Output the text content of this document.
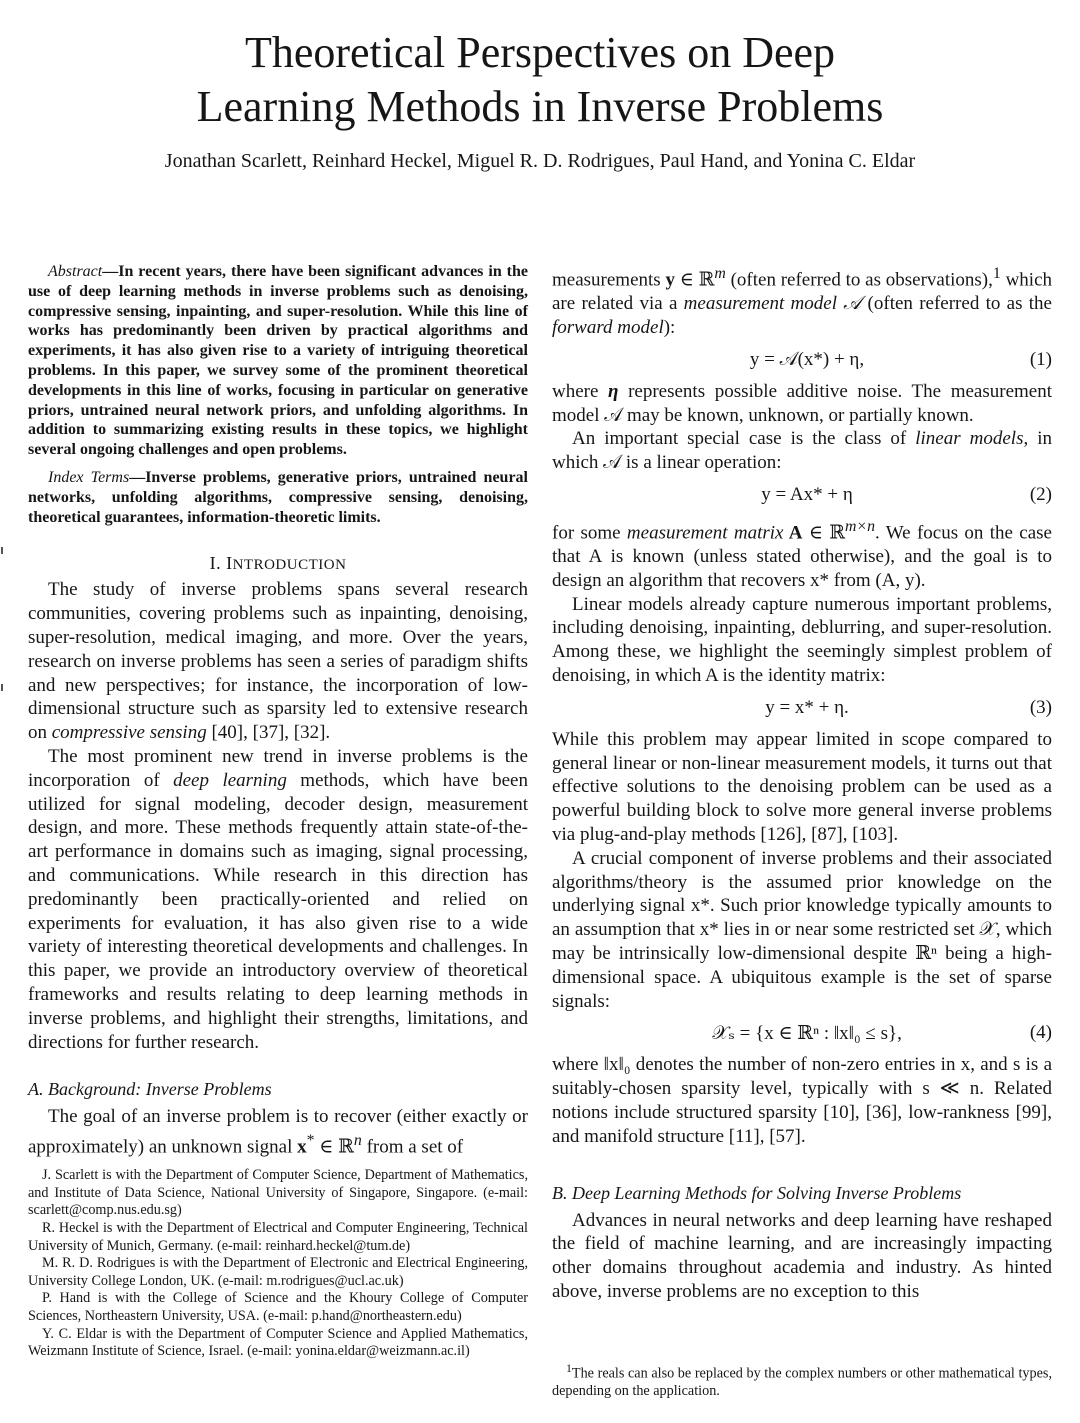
Theoretical Perspectives on Deep
Learning Methods in Inverse Problems
Jonathan Scarlett, Reinhard Heckel, Miguel R. D. Rodrigues, Paul Hand, and Yonina C. Eldar

Abstract—In recent years, there have been significant advances in the use of deep learning methods in inverse problems such as denoising, compressive sensing, inpainting, and super-resolution. While this line of works has predominantly been driven by practical algorithms and experiments, it has also given rise to a variety of intriguing theoretical problems. In this paper, we survey some of the prominent theoretical developments in this line of works, focusing in particular on generative priors, untrained neural network priors, and unfolding algorithms. In addition to summarizing existing results in these topics, we highlight several ongoing challenges and open problems.

Index Terms—Inverse problems, generative priors, untrained neural networks, unfolding algorithms, compressive sensing, denoising, theoretical guarantees, information-theoretic limits.

I. INTRODUCTION

The study of inverse problems spans several research communities, covering problems such as inpainting, denoising, super-resolution, medical imaging, and more. Over the years, research on inverse problems has seen a series of paradigm shifts and new perspectives; for instance, the incorporation of low-dimensional structure such as sparsity led to extensive research on compressive sensing [40], [37], [32].

The most prominent new trend in inverse problems is the incorporation of deep learning methods, which have been utilized for signal modeling, decoder design, measurement design, and more. These methods frequently attain state-of-the-art performance in domains such as imaging, signal processing, and communications. While research in this direction has predominantly been practically-oriented and relied on experiments for evaluation, it has also given rise to a wide variety of interesting theoretical developments and challenges. In this paper, we provide an introductory overview of theoretical frameworks and results relating to deep learning methods in inverse problems, and highlight their strengths, limitations, and directions for further research.

A. Background: Inverse Problems

The goal of an inverse problem is to recover (either exactly or approximately) an unknown signal x* ∈ ℝ$^n$ from a set of

J. Scarlett is with the Department of Computer Science, Department of Mathematics, and Institute of Data Science, National University of Singapore, Singapore. (e-mail: scarlett@comp.nus.edu.sg)

R. Heckel is with the Department of Electrical and Computer Engineering, Technical University of Munich, Germany. (e-mail: reinhard.heckel@tum.de)

M. R. D. Rodrigues is with the Department of Electronic and Electrical Engineering, University College London, UK. (e-mail: m.rodrigues@ucl.ac.uk)

P. Hand is with the College of Science and the Khoury College of Computer Sciences, Northeastern University, USA. (e-mail: p.hand@northeastern.edu)

Y. C. Eldar is with the Department of Computer Science and Applied Mathematics, Weizmann Institute of Science, Israel. (e-mail: yonina.eldar@weizmann.ac.il)

measurements y ∈ ℝ$^m$ (often referred to as observations),$^1$ which are related via a measurement model 𝒜 (often referred to as the forward model):

y = 𝒜(x*) + η,	(1)

where η represents possible additive noise. The measurement model 𝒜 may be known, unknown, or partially known.

An important special case is the class of linear models, in which 𝒜 is a linear operation:

y = Ax* + η	(2)

for some measurement matrix A ∈ ℝ$^{m\times n}$. We focus on the case that A is known (unless stated otherwise), and the goal is to design an algorithm that recovers x* from (A, y).

Linear models already capture numerous important problems, including denoising, inpainting, deblurring, and super-resolution. Among these, we highlight the seemingly simplest problem of denoising, in which A is the identity matrix:

y = x* + η.	(3)

While this problem may appear limited in scope compared to general linear or non-linear measurement models, it turns out that effective solutions to the denoising problem can be used as a powerful building block to solve more general inverse problems via plug-and-play methods [126], [87], [103].

A crucial component of inverse problems and their associated algorithms/theory is the assumed prior knowledge on the underlying signal x*. Such prior knowledge typically amounts to an assumption that x* lies in or near some restricted set 𝒳, which may be intrinsically low-dimensional despite ℝⁿ being a high-dimensional space. A ubiquitous example is the set of sparse signals:

𝒳ₛ = {x ∈ ℝⁿ : ‖x‖₀ ≤ s},	(4)

where ‖x‖₀ denotes the number of non-zero entries in x, and s is a suitably-chosen sparsity level, typically with s ≪ n. Related notions include structured sparsity [10], [36], low-rankness [99], and manifold structure [11], [57].

B. Deep Learning Methods for Solving Inverse Problems

Advances in neural networks and deep learning have reshaped the field of machine learning, and are increasingly impacting other domains throughout academia and industry. As hinted above, inverse problems are no exception to this

$^1$The reals can also be replaced by the complex numbers or other mathematical types, depending on the application.
